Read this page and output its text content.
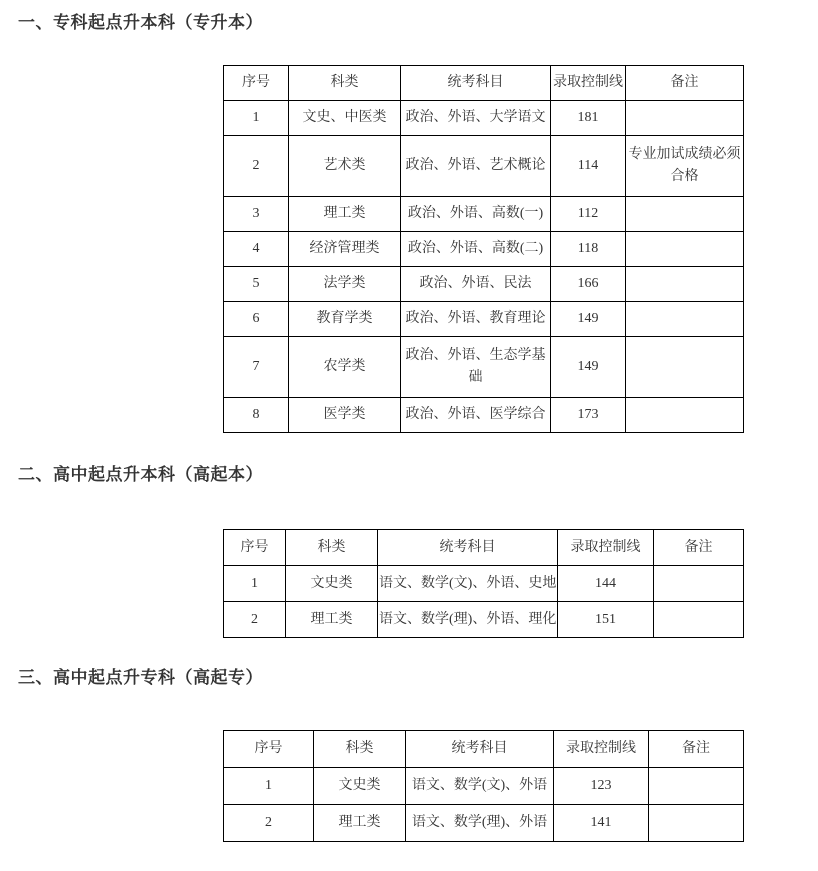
一、专科起点升本科（专升本）
序号	科类	统考科目	录取控制线	备注
1	文史、中医类	政治、外语、大学语文	181	
2	艺术类	政治、外语、艺术概论	114	专业加试成绩必须合格
3	理工类	政治、外语、高数(一)	112	
4	经济管理类	政治、外语、高数(二)	118	
5	法学类	政治、外语、民法	166	
6	教育学类	政治、外语、教育理论	149	
7	农学类	政治、外语、生态学基础	149	
8	医学类	政治、外语、医学综合	173	
二、高中起点升本科（高起本）
序号	科类	统考科目	录取控制线	备注
1	文史类	语文、数学(文)、外语、史地	144	
2	理工类	语文、数学(理)、外语、理化	151	
三、高中起点升专科（高起专）
序号	科类	统考科目	录取控制线	备注
1	文史类	语文、数学(文)、外语	123	
2	理工类	语文、数学(理)、外语	141	
